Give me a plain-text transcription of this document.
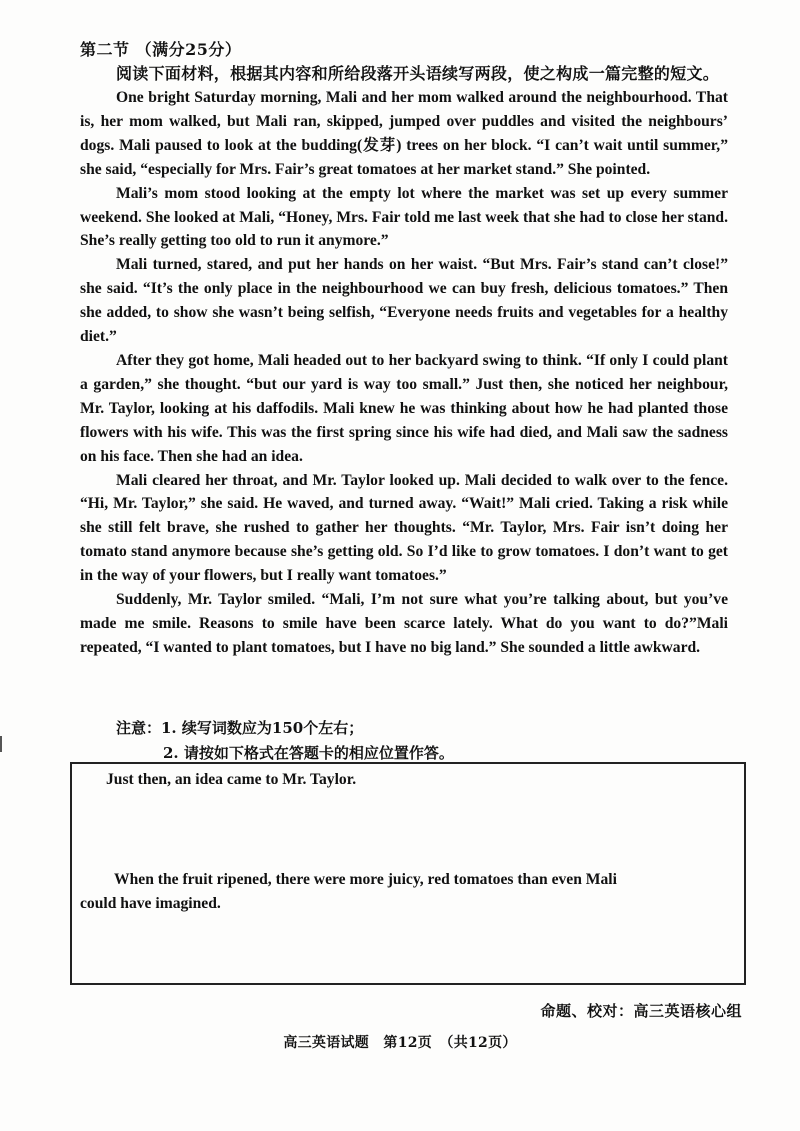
第二节 （满分25分）
阅读下面材料，根据其内容和所给段落开头语续写两段，使之构成一篇完整的短文。

One bright Saturday morning, Mali and her mom walked around the neighbourhood. That is, her mom walked, but Mali ran, skipped, jumped over puddles and visited the neighbours’ dogs. Mali paused to look at the budding(发芽) trees on her block. “I can’t wait until summer,” she said, “especially for Mrs. Fair’s great tomatoes at her market stand.” She pointed.

Mali’s mom stood looking at the empty lot where the market was set up every summer weekend. She looked at Mali, “Honey, Mrs. Fair told me last week that she had to close her stand. She’s really getting too old to run it anymore.”

Mali turned, stared, and put her hands on her waist. “But Mrs. Fair’s stand can’t close!” she said. “It’s the only place in the neighbourhood we can buy fresh, delicious tomatoes.” Then she added, to show she wasn’t being selfish, “Everyone needs fruits and vegetables for a healthy diet.”

After they got home, Mali headed out to her backyard swing to think. “If only I could plant a garden,” she thought. “but our yard is way too small.” Just then, she noticed her neighbour, Mr. Taylor, looking at his daffodils. Mali knew he was thinking about how he had planted those flowers with his wife. This was the first spring since his wife had died, and Mali saw the sadness on his face. Then she had an idea.

Mali cleared her throat, and Mr. Taylor looked up. Mali decided to walk over to the fence. “Hi, Mr. Taylor,” she said. He waved, and turned away. “Wait!” Mali cried. Taking a risk while she still felt brave, she rushed to gather her thoughts. “Mr. Taylor, Mrs. Fair isn’t doing her tomato stand anymore because she’s getting old. So I’d like to grow tomatoes. I don’t want to get in the way of your flowers, but I really want tomatoes.”

Suddenly, Mr. Taylor smiled. “Mali, I’m not sure what you’re talking about, but you’ve made me smile. Reasons to smile have been scarce lately. What do you want to do?”Mali repeated, “I wanted to plant tomatoes, but I have no big land.” She sounded a little awkward.

注意：1. 续写词数应为150个左右；
2. 请按如下格式在答题卡的相应位置作答。
Just then, an idea came to Mr. Taylor.
When the fruit ripened, there were more juicy, red tomatoes than even Mali
could have imagined.
命题、校对：高三英语核心组
高三英语试题　第12页　（共12页）
